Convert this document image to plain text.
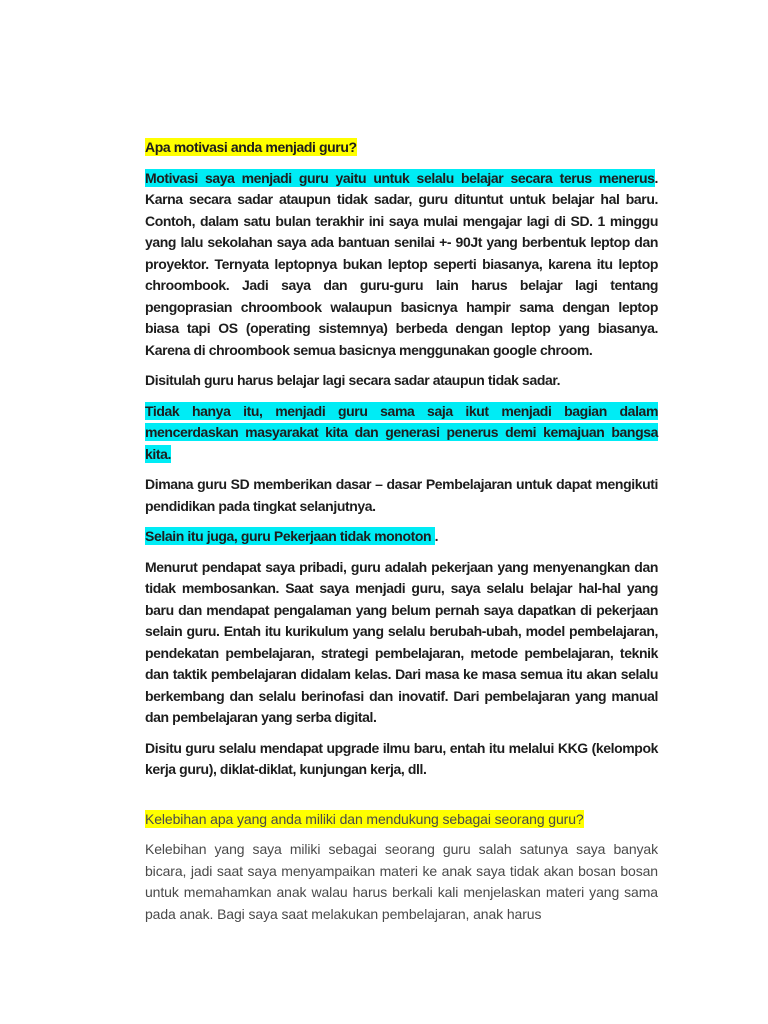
Apa motivasi anda menjadi guru?

Motivasi saya menjadi guru yaitu untuk selalu belajar secara terus menerus. Karna secara sadar ataupun tidak sadar, guru dituntut untuk belajar hal baru. Contoh, dalam satu bulan terakhir ini saya mulai mengajar lagi di SD. 1 minggu yang lalu sekolahan saya ada bantuan senilai +- 90Jt yang berbentuk leptop dan proyektor. Ternyata leptopnya bukan leptop seperti biasanya, karena itu leptop chroombook. Jadi saya dan guru-guru lain harus belajar lagi tentang pengoprasian chroombook walaupun basicnya hampir sama dengan leptop biasa tapi OS (operating sistemnya) berbeda dengan leptop yang biasanya. Karena di chroombook semua basicnya menggunakan google chroom.

Disitulah guru harus belajar lagi secara sadar ataupun tidak sadar.

Tidak hanya itu, menjadi guru sama saja ikut menjadi bagian dalam mencerdaskan masyarakat kita dan generasi penerus demi kemajuan bangsa kita.

Dimana guru SD memberikan dasar – dasar Pembelajaran untuk dapat mengikuti pendidikan pada tingkat selanjutnya.

Selain itu juga, guru Pekerjaan tidak monoton .

Menurut pendapat saya pribadi, guru adalah pekerjaan yang menyenangkan dan tidak membosankan. Saat saya menjadi guru, saya selalu belajar hal-hal yang baru dan mendapat pengalaman yang belum pernah saya dapatkan di pekerjaan selain guru. Entah itu kurikulum yang selalu berubah-ubah, model pembelajaran, pendekatan pembelajaran, strategi pembelajaran, metode pembelajaran, teknik dan taktik pembelajaran didalam kelas. Dari masa ke masa semua itu akan selalu berkembang dan selalu berinofasi dan inovatif. Dari pembelajaran yang manual dan pembelajaran yang serba digital.

Disitu guru selalu mendapat upgrade ilmu baru, entah itu melalui KKG (kelompok kerja guru), diklat-diklat, kunjungan kerja, dll.

Kelebihan apa yang anda miliki dan mendukung sebagai seorang guru?

Kelebihan yang saya miliki sebagai seorang guru salah satunya saya banyak bicara, jadi saat saya menyampaikan materi ke anak saya tidak akan bosan bosan untuk memahamkan anak walau harus berkali kali menjelaskan materi yang sama pada anak. Bagi saya saat melakukan pembelajaran, anak harus
